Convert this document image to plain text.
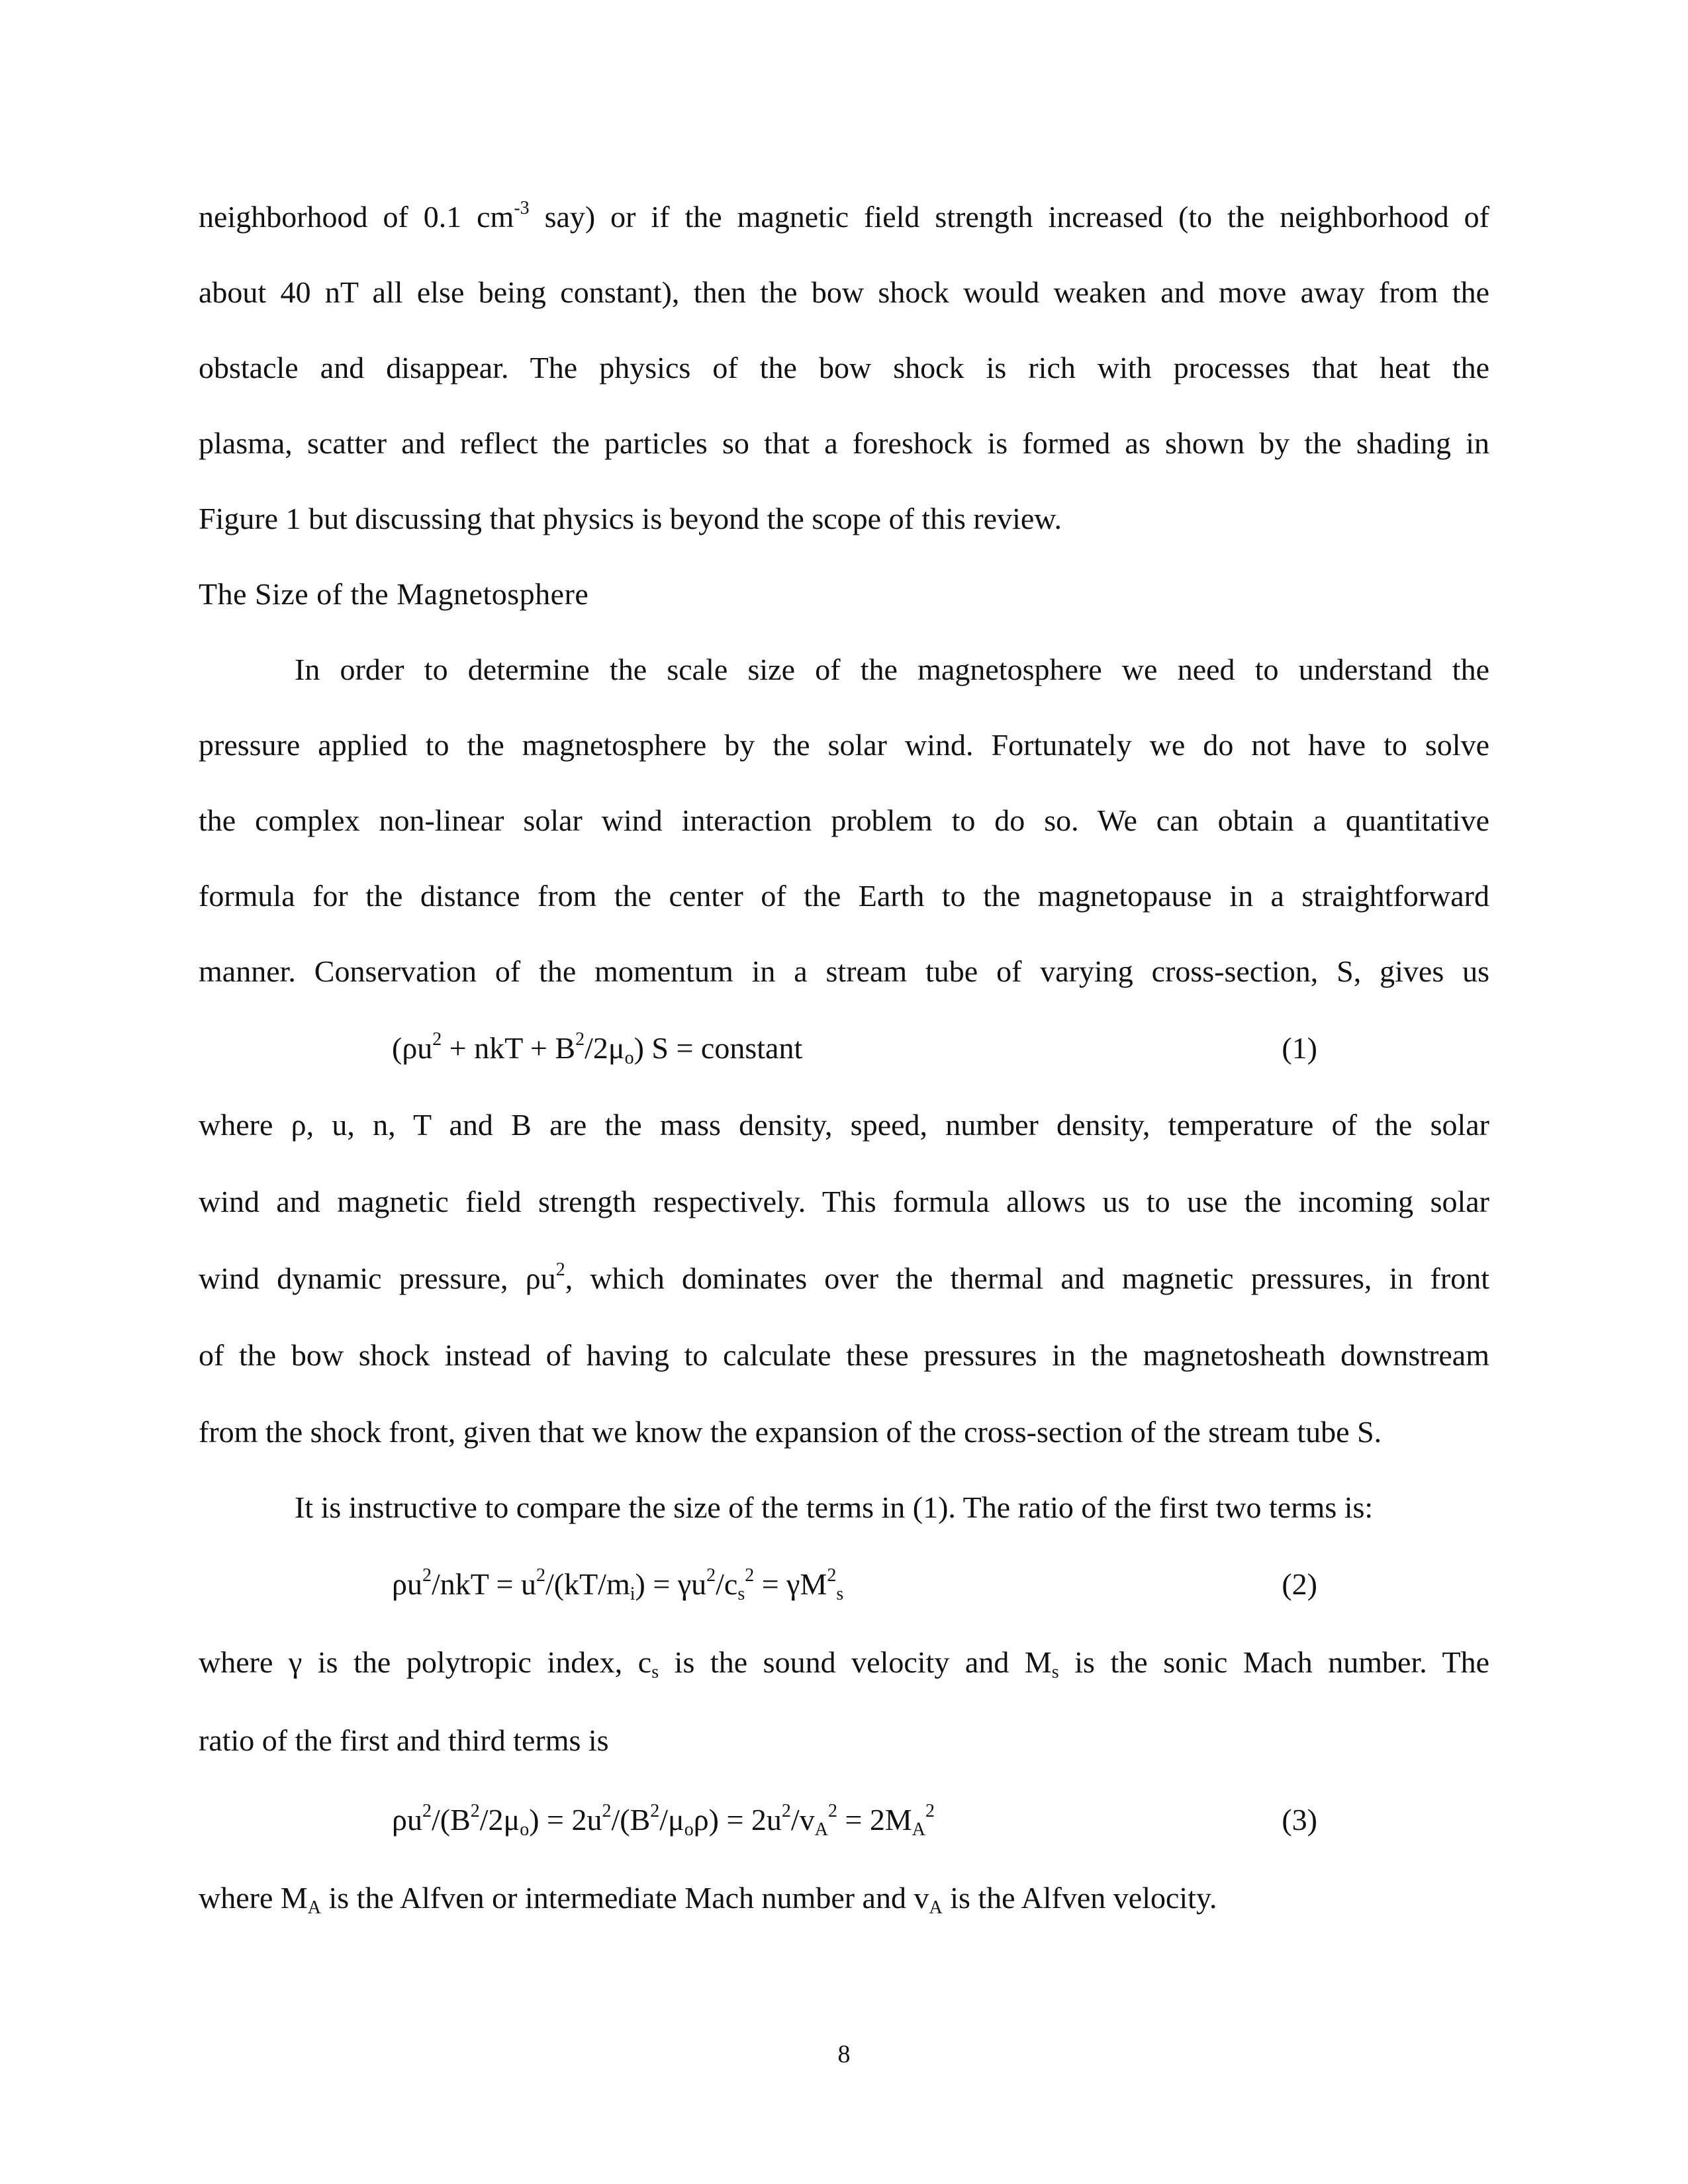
neighborhood of 0.1 $cm^{-3}$ say) or if the magnetic field strength increased (to the neighborhood of

about 40 nT all else being constant), then the bow shock would weaken and move away from the

obstacle and disappear. The physics of the bow shock is rich with processes that heat the

plasma, scatter and reflect the particles so that a foreshock is formed as shown by the shading in

Figure 1 but discussing that physics is beyond the scope of this review.

The Size of the Magnetosphere

In order to determine the scale size of the magnetosphere we need to understand the

pressure applied to the magnetosphere by the solar wind. Fortunately we do not have to solve

the complex non-linear solar wind interaction problem to do so. We can obtain a quantitative

formula for the distance from the center of the Earth to the magnetopause in a straightforward

manner. Conservation of the momentum in a stream tube of varying cross-section, S, gives us

($\rho u^2$ + nkT + $B^2/2\mu_o$) S = constant	(1)

where ρ, u, n, T and B are the mass density, speed, number density, temperature of the solar

wind and magnetic field strength respectively. This formula allows us to use the incoming solar

wind dynamic pressure, $\rho u^2$, which dominates over the thermal and magnetic pressures, in front

of the bow shock instead of having to calculate these pressures in the magnetosheath downstream

from the shock front, given that we know the expansion of the cross-section of the stream tube S.

It is instructive to compare the size of the terms in (1). The ratio of the first two terms is:

$\rho u^2$/nkT = $u^2/(kT/m_i) = \gamma u^2/c_s^2 = \gamma M^2_s$	(2)

where γ is the polytropic index, $c_s$ is the sound velocity and $M_s$ is the sonic Mach number. The

ratio of the first and third terms is

$\rho u^2/(B^2/2\mu_o) = 2u^2/(B^2/\mu_o\rho) = 2u^2/v_A^2 = 2M_A^2$	(3)

where $M_A$ is the Alfven or intermediate Mach number and $v_A$ is the Alfven velocity.

8
